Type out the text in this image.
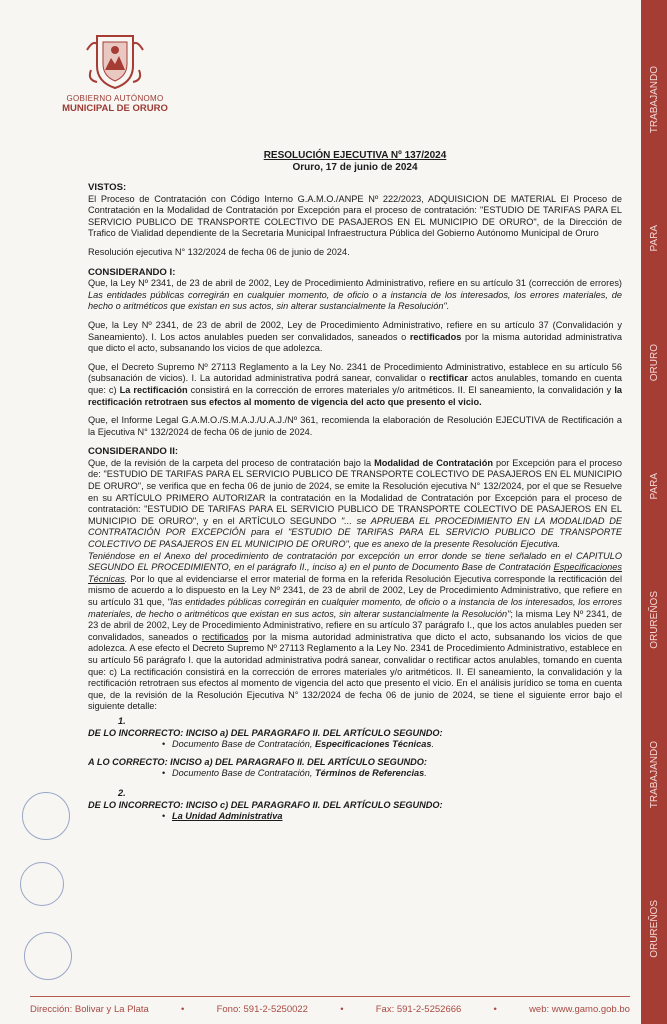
GOBIERNO AUTÓNOMO
MUNICIPAL DE ORURO	TRABAJANDO
PARA
ORURO
PARA
ORUREÑOS
TRABAJANDO
ORUREÑOS
RESOLUCIÓN EJECUTIVA Nº 137/2024
Oruro, 17 de junio de 2024
VISTOS:

El Proceso de Contratación con Código Interno G.A.M.O./ANPE Nº 222/2023, ADQUISICION DE MATERIAL El Proceso de Contratación en la Modalidad de Contratación por Excepción para el proceso de contratación: "ESTUDIO DE TARIFAS PARA EL SERVICIO PUBLICO DE TRANSPORTE COLECTIVO DE PASAJEROS EN EL MUNICIPIO DE ORURO", de la Dirección de Trafico de Vialidad dependiente de la Secretaria Municipal Infraestructura Pública del Gobierno Autónomo Municipal de Oruro

Resolución ejecutiva N° 132/2024 de fecha 06 de junio de 2024.

CONSIDERANDO I:

Que, la Ley Nº 2341, de 23 de abril de 2002, Ley de Procedimiento Administrativo, refiere en su artículo 31 (corrección de errores) Las entidades públicas corregirán en cualquier momento, de oficio o a instancia de los interesados, los errores materiales, de hecho o aritméticos que existan en sus actos, sin alterar sustancialmente la Resolución".

Que, la Ley Nº 2341, de 23 de abril de 2002, Ley de Procedimiento Administrativo, refiere en su artículo 37 (Convalidación y Saneamiento). I. Los actos anulables pueden ser convalidados, saneados o rectificados por la misma autoridad administrativa que dicto el acto, subsanando los vicios de que adolezca.

Que, el Decreto Supremo Nº 27113 Reglamento a la Ley No. 2341 de Procedimiento Administrativo, establece en su artículo 56 (subsanación de vicios). I. La autoridad administrativa podrá sanear, convalidar o rectificar actos anulables, tomando en cuenta que: c) La rectificación consistirá en la corrección de errores materiales y/o aritméticos. II. El saneamiento, la convalidación y la rectificación retrotraen sus efectos al momento de vigencia del acto que presento el vicio.

Que, el Informe Legal G.A.M.O./S.M.A.J./U.A.J./Nº 361, recomienda la elaboración de Resolución EJECUTIVA de Rectificación a la Ejecutiva N° 132/2024 de fecha 06 de junio de 2024.

CONSIDERANDO II:

Que, de la revisión de la carpeta del proceso de contratación bajo la Modalidad de Contratación por Excepción para el proceso de: "ESTUDIO DE TARIFAS PARA EL SERVICIO PUBLICO DE TRANSPORTE COLECTIVO DE PASAJEROS EN EL MUNICIPIO DE ORURO", se verifica que en fecha 06 de junio de 2024, se emite la Resolución ejecutiva N° 132/2024, por el que se Resuelve en su ARTÍCULO PRIMERO AUTORIZAR la contratación en la Modalidad de Contratación por Excepción para el proceso de contratación: "ESTUDIO DE TARIFAS PARA EL SERVICIO PUBLICO DE TRANSPORTE COLECTIVO DE PASAJEROS EN EL MUNICIPIO DE ORURO", y en el ARTÍCULO SEGUNDO "... se APRUEBA EL PROCEDIMIENTO EN LA MODALIDAD DE CONTRATACIÓN POR EXCEPCIÓN para el "ESTUDIO DE TARIFAS PARA EL SERVICIO PUBLICO DE TRANSPORTE COLECTIVO DE PASAJEROS EN EL MUNICIPIO DE ORURO", que es anexo de la presente Resolución Ejecutiva.

Teniéndose en el Anexo del procedimiento de contratación por excepción un error donde se tiene señalado en el CAPITULO SEGUNDO EL PROCEDIMIENTO, en el parágrafo II., inciso a) en el punto de Documento Base de Contratación Especificaciones Técnicas. Por lo que al evidenciarse el error material de forma en la referida Resolución Ejecutiva corresponde la rectificación del mismo de acuerdo a lo dispuesto en la Ley Nº 2341, de 23 de abril de 2002, Ley de Procedimiento Administrativo, que refiere en su artículo 31 que, "las entidades públicas corregirán en cualquier momento, de oficio o a instancia de los interesados, los errores materiales, de hecho o aritméticos que existan en sus actos, sin alterar sustancialmente la Resolución"; la misma Ley Nº 2341, de 23 de abril de 2002, Ley de Procedimiento Administrativo, refiere en su artículo 37 parágrafo I., que los actos anulables pueden ser convalidados, saneados o rectificados por la misma autoridad administrativa que dicto el acto, subsanando los vicios de que adolezca. A ese efecto el Decreto Supremo Nº 27113 Reglamento a la Ley No. 2341 de Procedimiento Administrativo, establece en su artículo 56 parágrafo I. que la autoridad administrativa podrá sanear, convalidar o rectificar actos anulables, tomando en cuenta que: c) La rectificación consistirá en la corrección de errores materiales y/o aritméticos. II. El saneamiento, la convalidación y la rectificación retrotraen sus efectos al momento de vigencia del acto que presento el vicio. En el análisis jurídico se toma en cuenta que, de la revisión de la Resolución Ejecutiva N° 132/2024 de fecha 06 de junio de 2024, se tiene el siguiente error bajo el siguiente detalle:

1.
DE LO INCORRECTO: INCISO a) DEL PARAGRAFO II. DEL ARTÍCULO SEGUNDO:
• Documento Base de Contratación, Especificaciones Técnicas.
A LO CORRECTO: INCISO a) DEL PARAGRAFO II. DEL ARTÍCULO SEGUNDO:
• Documento Base de Contratación, Términos de Referencias.
2.
DE LO INCORRECTO: INCISO c) DEL PARAGRAFO II. DEL ARTÍCULO SEGUNDO:
• La Unidad Administrativa
Dirección: Bolivar y La Plata	•	Fono: 591-2-5250022	•	Fax: 591-2-5252666	•	web: www.gamo.gob.bo
